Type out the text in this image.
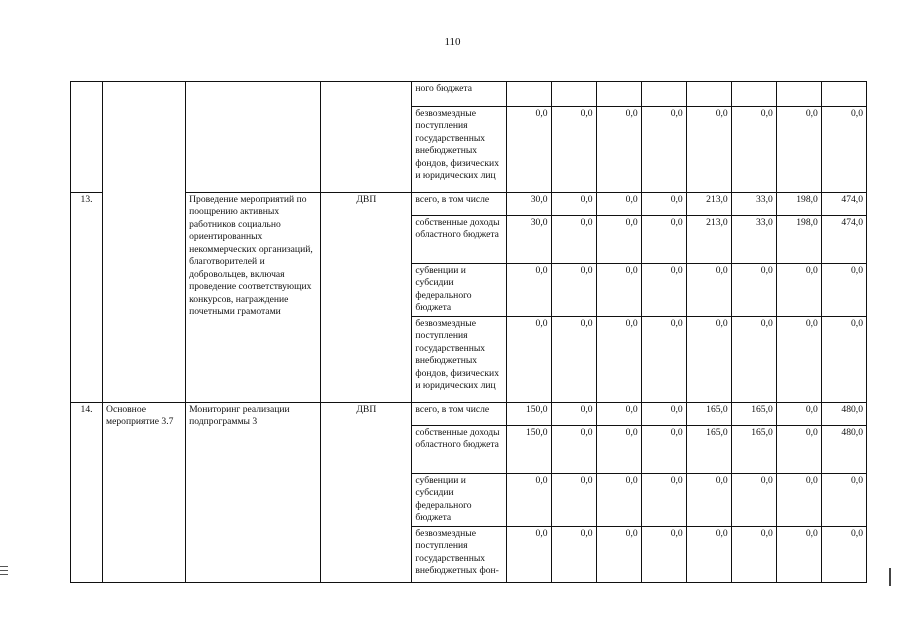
110
				ного бюджета								
				безвозмездные поступления государственных внебюджетных фондов, физических и юридических лиц	0,0	0,0	0,0	0,0	0,0	0,0	0,0	0,0
13.		Проведение мероприятий по поощрению активных работников социально ориентированных некоммерческих организаций, благотворителей и добровольцев, включая проведение соответствующих конкурсов, награждение почетными грамотами	ДВП	всего, в том числе	30,0	0,0	0,0	0,0	213,0	33,0	198,0	474,0
				собственные доходы областного бюджета	30,0	0,0	0,0	0,0	213,0	33,0	198,0	474,0
				субвенции и субсидии федерального бюджета	0,0	0,0	0,0	0,0	0,0	0,0	0,0	0,0
				безвозмездные поступления государственных внебюджетных фондов, физических и юридических лиц	0,0	0,0	0,0	0,0	0,0	0,0	0,0	0,0
14.	Основное мероприятие 3.7	Мониторинг реализации подпрограммы 3	ДВП	всего, в том числе	150,0	0,0	0,0	0,0	165,0	165,0	0,0	480,0
				собственные доходы областного бюджета	150,0	0,0	0,0	0,0	165,0	165,0	0,0	480,0
				субвенции и субсидии федерального бюджета	0,0	0,0	0,0	0,0	0,0	0,0	0,0	0,0
				безвозмездные поступления государственных внебюджетных фон-	0,0	0,0	0,0	0,0	0,0	0,0	0,0	0,0
